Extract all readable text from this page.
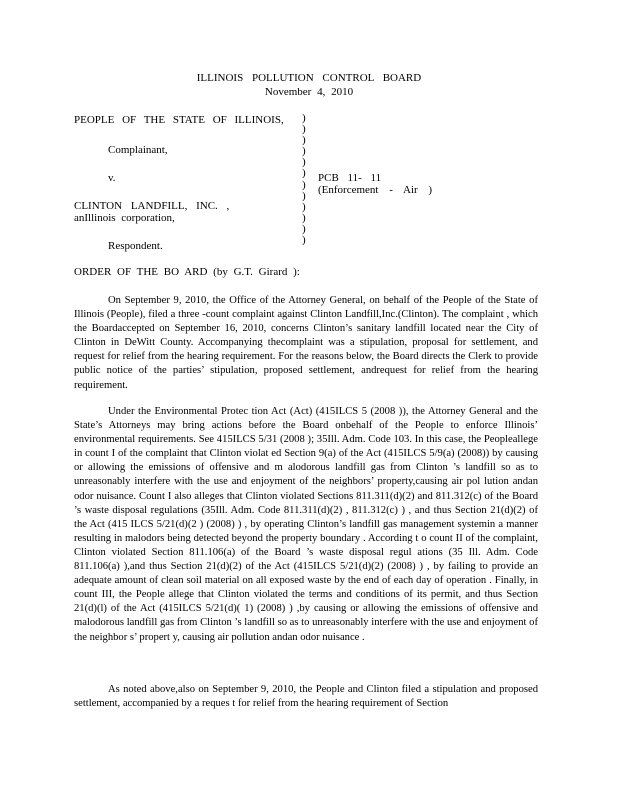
ILLINOIS POLLUTION CONTROL BOARD
November 4, 2010
PEOPLE OF THE STATE OF ILLINOIS,
Complainant,
v.
CLINTON LANDFILL, INC. ,
anIllinois corporation,
Respondent.
)
)
)
)
)
)
)
)
)
)
)
)
PCB 11- 11
(Enforcement - Air )
ORDER OF THE BO ARD (by G.T. Girard ):

On September 9, 2010, the Office of the Attorney General, on behalf of the People of the State of Illinois (People), filed a three -count complaint against Clinton Landfill,Inc.(Clinton). The complaint , which the Boardaccepted on September 16, 2010, concerns Clinton’s sanitary landfill located near the City of Clinton in DeWitt County. Accompanying thecomplaint was a stipulation, proposal for settlement, and request for relief from the hearing requirement. For the reasons below, the Board directs the Clerk to provide public notice of the parties’ stipulation, proposed settlement, andrequest for relief from the hearing requirement.

Under the Environmental Protec tion Act (Act) (415ILCS 5 (2008 )), the Attorney General and the State’s Attorneys may bring actions before the Board onbehalf of the People to enforce Illinois’ environmental requirements. See 415ILCS 5/31 (2008 ); 35Ill. Adm. Code 103. In this case, the Peopleallege in count I of the complaint that Clinton violat ed Section 9(a) of the Act (415ILCS 5/9(a) (2008)) by causing or allowing the emissions of offensive and m alodorous landfill gas from Clinton ’s landfill so as to unreasonably interfere with the use and enjoyment of the neighbors’ property,causing air pol lution andan odor nuisance. Count I also alleges that Clinton violated Sections 811.311(d)(2) and 811.312(c) of the Board ’s waste disposal regulations (35Ill. Adm. Code 811.311(d)(2) , 811.312(c) ) , and thus Section 21(d)(2) of the Act (415 ILCS 5/21(d)(2 ) (2008) ) , by operating Clinton’s landfill gas management systemin a manner resulting in malodors being detected beyond the property boundary . According t o count II of the complaint, Clinton violated Section 811.106(a) of the Board ’s waste disposal regul ations (35 Ill. Adm. Code 811.106(a) ),and thus Section 21(d)(2) of the Act (415ILCS 5/21(d)(2) (2008) ) , by failing to provide an adequate amount of clean soil material on all exposed waste by the end of each day of operation . Finally, in count III, the People allege that Clinton violated the terms and conditions of its permit, and thus Section 21(d)(l) of the Act (415ILCS 5/21(d)( 1) (2008) ) ,by causing or allowing the emissions of offensive and malodorous landfill gas from Clinton ’s landfill so as to unreasonably interfere with the use and enjoyment of the neighbor s’ propert y, causing air pollution andan odor nuisance .

As noted above,also on September 9, 2010, the People and Clinton filed a stipulation and proposed settlement, accompanied by a reques t for relief from the hearing requirement of Section
